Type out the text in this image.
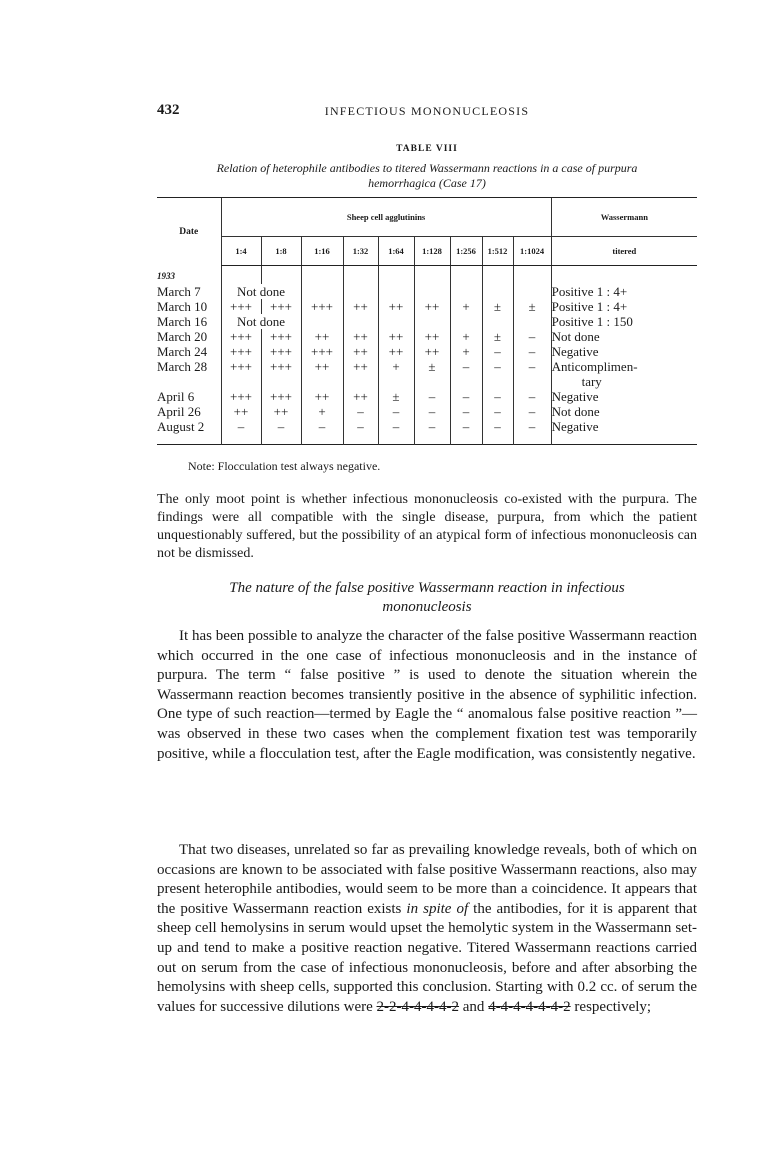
432	INFECTIOUS MONONUCLEOSIS
TABLE VIII
Relation of heterophile antibodies to titered Wassermann reactions in a case of purpura
hemorrhagica (Case 17)
Date	Sheep cell agglutinins									Wassermann
	1:4	1:8	1:16	1:32	1:64	1:128	1:256	1:512	1:1024	titered
1933										
March 7	Not done									Positive 1 : 4+
March 10	+++	+++	+++	++	++	++	+	±	±	Positive 1 : 4+
March 16	Not done									Positive 1 : 150
March 20	+++	+++	++	++	++	++	+	±	–	Not done
March 24	+++	+++	+++	++	++	++	+	–	–	Negative
March 28	+++	+++	++	++	+	±	–	–	–	Anticomplimen-
										tary
April 6	+++	+++	++	++	±	–	–	–	–	Negative
April 26	++	++	+	–	–	–	–	–	–	Not done
August 2	–	–	–	–	–	–	–	–	–	Negative

Note: Flocculation test always negative.
The only moot point is whether infectious mononucleosis co-existed with the purpura. The findings were all compatible with the single disease, purpura, from which the patient unquestionably suffered, but the possibility of an atypical form of infectious mononucleosis can not be dismissed.
The nature of the false positive Wassermann reaction in infectious
mononucleosis
It has been possible to analyze the character of the false positive Wassermann reaction which occurred in the one case of infectious mononucleosis and in the instance of purpura. The term “ false positive ” is used to denote the situation wherein the Wassermann reaction becomes transiently positive in the absence of syphilitic infection. One type of such reaction—termed by Eagle the “ anomalous false positive reaction ”—was observed in these two cases when the complement fixation test was temporarily positive, while a flocculation test, after the Eagle modification, was consistently negative.
That two diseases, unrelated so far as prevailing knowledge reveals, both of which on occasions are known to be associated with false positive Wassermann reactions, also may present heterophile antibodies, would seem to be more than a coincidence. It appears that the positive Wassermann reaction exists in spite of the antibodies, for it is apparent that sheep cell hemolysins in serum would upset the hemolytic system in the Wassermann set-up and tend to make a positive reaction negative. Titered Wassermann reactions carried out on serum from the case of infectious mononucleosis, before and after absorbing the hemolysins with sheep cells, supported this conclusion. Starting with 0.2 cc. of serum the values for successive dilutions were 2-2-4-4-4-4-2 and 4-4-4-4-4-4-2 respectively;
